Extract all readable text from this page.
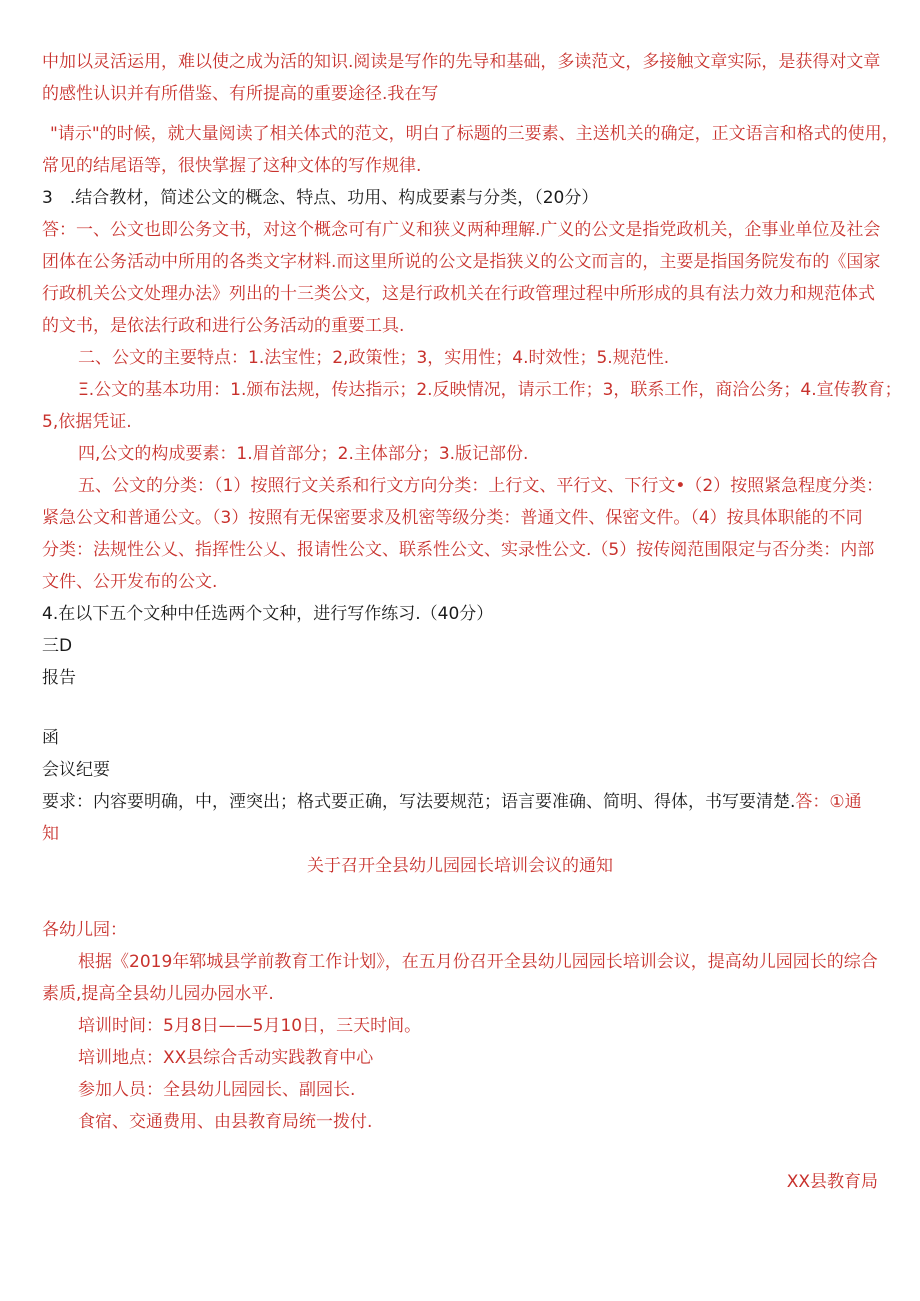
中加以灵活运用，难以使之成为活的知识.阅读是写作的先导和基础，多读范文，多接触文章实际，是获得对文章
的感性认识并有所借鉴、有所提高的重要途径.我在写
"请示"的时候，就大量阅读了相关体式的范文，明白了标题的三要素、主送机关的确定，正文语言和格式的使用，
常见的结尾语等，很快掌握了这种文体的写作规律.
3　.结合教材，简述公文的概念、特点、功用、构成要素与分类，（20分）
答：一、公文也即公务文书，对这个概念可有广义和狭义两种理解.广义的公文是指党政机关，企事业单位及社会
团体在公务活动中所用的各类文字材料.而这里所说的公文是指狭义的公文而言的，主要是指国务院发布的《国家
行政机关公文处理办法》列出的十三类公文，这是行政机关在行政管理过程中所形成的具有法力效力和规范体式
的文书，是依法行政和进行公务活动的重要工具.
二、公文的主要特点：1.法宝性；2,政策性；3，实用性；4.时效性；5.规范性.
Ξ.公文的基本功用：1.颁布法规，传达指示；2.反映情况，请示工作；3，联系工作，商洽公务；4.宣传教育；
5,依据凭证.
四,公文的构成要素：1.眉首部分；2.主体部分；3.版记部份.
五、公文的分类：（1）按照行文关系和行文方向分类：上行文、平行文、下行文•（2）按照紧急程度分类：
紧急公文和普通公文。（3）按照有无保密要求及机密等级分类：普通文件、保密文件。（4）按具体职能的不同
分类：法规性公乂、指挥性公乂、报请性公文、联系性公文、实录性公文.（5）按传阅范围限定与否分类：内部
文件、公开发布的公文.
4.在以下五个文种中任选两个文种，进行写作练习.（40分）
三D
报告
函
会议纪要
要求：内容要明确，中，湮突出；格式要正确，写法要规范；语言要准确、简明、得体，书写要清楚.答：①通
知
关于召开全县幼儿园园长培训会议的通知
各幼儿园：
根据《2019年郓城县学前教育工作计划》，在五月份召开全县幼儿园园长培训会议，提高幼儿园园长的综合
素质,提高全县幼儿园办园水平.
培训时间：5月8日——5月10日，三天时间。
培训地点：XX县综合舌动实践教育中心
参加人员：全县幼儿园园长、副园长.
食宿、交通费用、由县教育局统一拨付.
XX县教育局
